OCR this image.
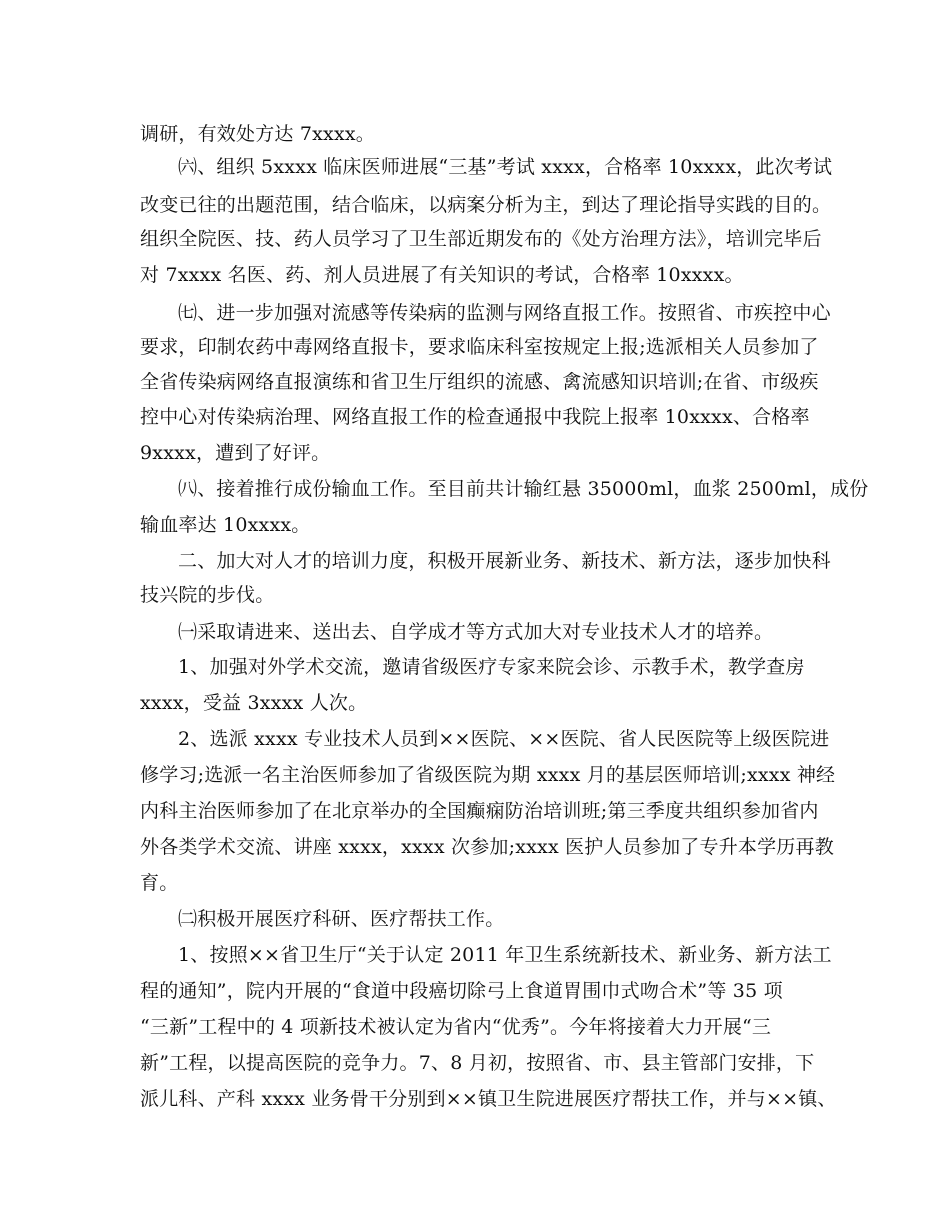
调研，有效处方达 7xxxx。
㈥、组织 5xxxx 临床医师进展“三基”考试 xxxx，合格率 10xxxx，此次考试
改变已往的出题范围，结合临床，以病案分析为主，到达了理论指导实践的目的。
组织全院医、技、药人员学习了卫生部近期发布的《处方治理方法》，培训完毕后
对 7xxxx 名医、药、剂人员进展了有关知识的考试，合格率 10xxxx。
㈦、进一步加强对流感等传染病的监测与网络直报工作。按照省、市疾控中心
要求，印制农药中毒网络直报卡，要求临床科室按规定上报;选派相关人员参加了
全省传染病网络直报演练和省卫生厅组织的流感、禽流感知识培训;在省、市级疾
控中心对传染病治理、网络直报工作的检查通报中我院上报率 10xxxx、合格率
9xxxx，遭到了好评。
㈧、接着推行成份输血工作。至目前共计输红悬 35000ml，血浆 2500ml，成份
输血率达 10xxxx。
二、加大对人才的培训力度，积极开展新业务、新技术、新方法，逐步加快科
技兴院的步伐。
㈠采取请进来、送出去、自学成才等方式加大对专业技术人才的培养。
1、加强对外学术交流，邀请省级医疗专家来院会诊、示教手术，教学查房
xxxx，受益 3xxxx 人次。
2、选派 xxxx 专业技术人员到××医院、××医院、省人民医院等上级医院进
修学习;选派一名主治医师参加了省级医院为期 xxxx 月的基层医师培训;xxxx 神经
内科主治医师参加了在北京举办的全国癫痫防治培训班;第三季度共组织参加省内
外各类学术交流、讲座 xxxx，xxxx 次参加;xxxx 医护人员参加了专升本学历再教
育。
㈡积极开展医疗科研、医疗帮扶工作。
1、按照××省卫生厅“关于认定 2011 年卫生系统新技术、新业务、新方法工
程的通知”，院内开展的“食道中段癌切除弓上食道胃围巾式吻合术”等 35 项
“三新”工程中的 4 项新技术被认定为省内“优秀”。今年将接着大力开展“三
新”工程，以提高医院的竞争力。7、8 月初，按照省、市、县主管部门安排，下
派儿科、产科 xxxx 业务骨干分别到××镇卫生院进展医疗帮扶工作，并与××镇、
